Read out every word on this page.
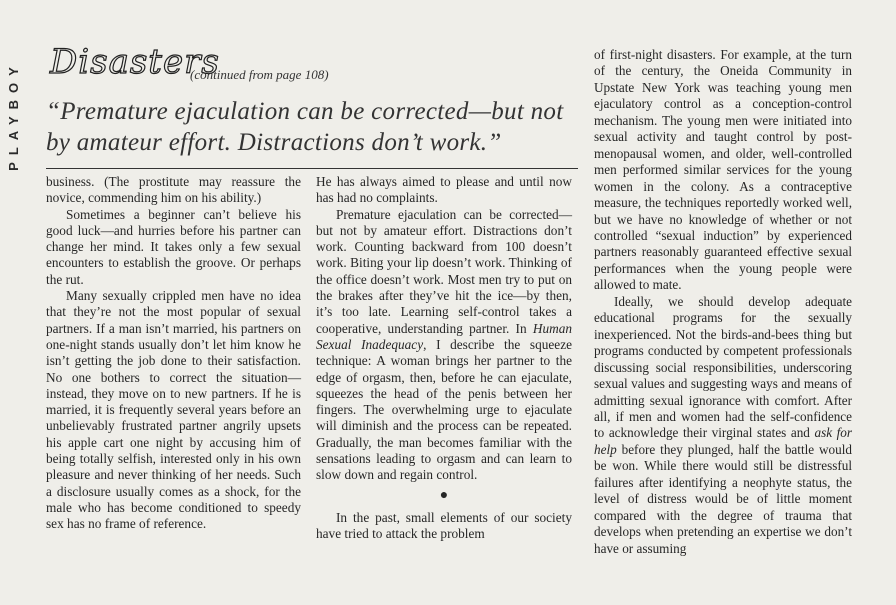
PLAYBOY Disasters
(continued from page 108)
“Premature ejaculation can be corrected—but not by amateur effort. Distractions don’t work.”

business. (The prostitute may reassure the novice, commending him on his ability.)

Sometimes a beginner can’t believe his good luck—and hurries before his partner can change her mind. It takes only a few sexual encounters to establish the groove. Or perhaps the rut.

Many sexually crippled men have no idea that they’re not the most popular of sexual partners. If a man isn’t married, his partners on one-night stands usually don’t let him know he isn’t getting the job done to their satisfaction. No one bothers to correct the situation—instead, they move on to new partners. If he is married, it is frequently several years before an unbelievably frustrated partner angrily upsets his apple cart one night by accusing him of being totally selfish, interested only in his own pleasure and never thinking of her needs. Such a disclosure usually comes as a shock, for the male who has become conditioned to speedy sex has no frame of reference.

He has always aimed to please and until now has had no complaints.

Premature ejaculation can be corrected—but not by amateur effort. Distractions don’t work. Counting backward from 100 doesn’t work. Biting your lip doesn’t work. Thinking of the office doesn’t work. Most men try to put on the brakes after they’ve hit the ice—by then, it’s too late. Learning self-control takes a cooperative, understanding partner. In Human Sexual Inadequacy, I describe the squeeze technique: A woman brings her partner to the edge of orgasm, then, before he can ejaculate, squeezes the head of the penis between her fingers. The overwhelming urge to ejaculate will diminish and the process can be repeated. Gradually, the man becomes familiar with the sensations leading to orgasm and can learn to slow down and regain control.

●

In the past, small elements of our society have tried to attack the problem

of first-night disasters. For example, at the turn of the century, the Oneida Community in Upstate New York was teaching young men ejaculatory control as a conception-control mechanism. The young men were initiated into sexual activity and taught control by post-menopausal women, and older, well-controlled men performed similar services for the young women in the colony. As a contraceptive measure, the techniques reportedly worked well, but we have no knowledge of whether or not controlled “sexual induction” by experienced partners reasonably guaranteed effective sexual performances when the young people were allowed to mate.

Ideally, we should develop adequate educational programs for the sexually inexperienced. Not the birds-and-bees thing but programs conducted by competent professionals discussing social responsibilities, underscoring sexual values and suggesting ways and means of admitting sexual ignorance with comfort. After all, if men and women had the self-confidence to acknowledge their virginal states and ask for help before they plunged, half the battle would be won. While there would still be distressful failures after identifying a neophyte status, the level of distress would be of little moment compared with the degree of trauma that develops when pretending an expertise we don’t have or assuming
